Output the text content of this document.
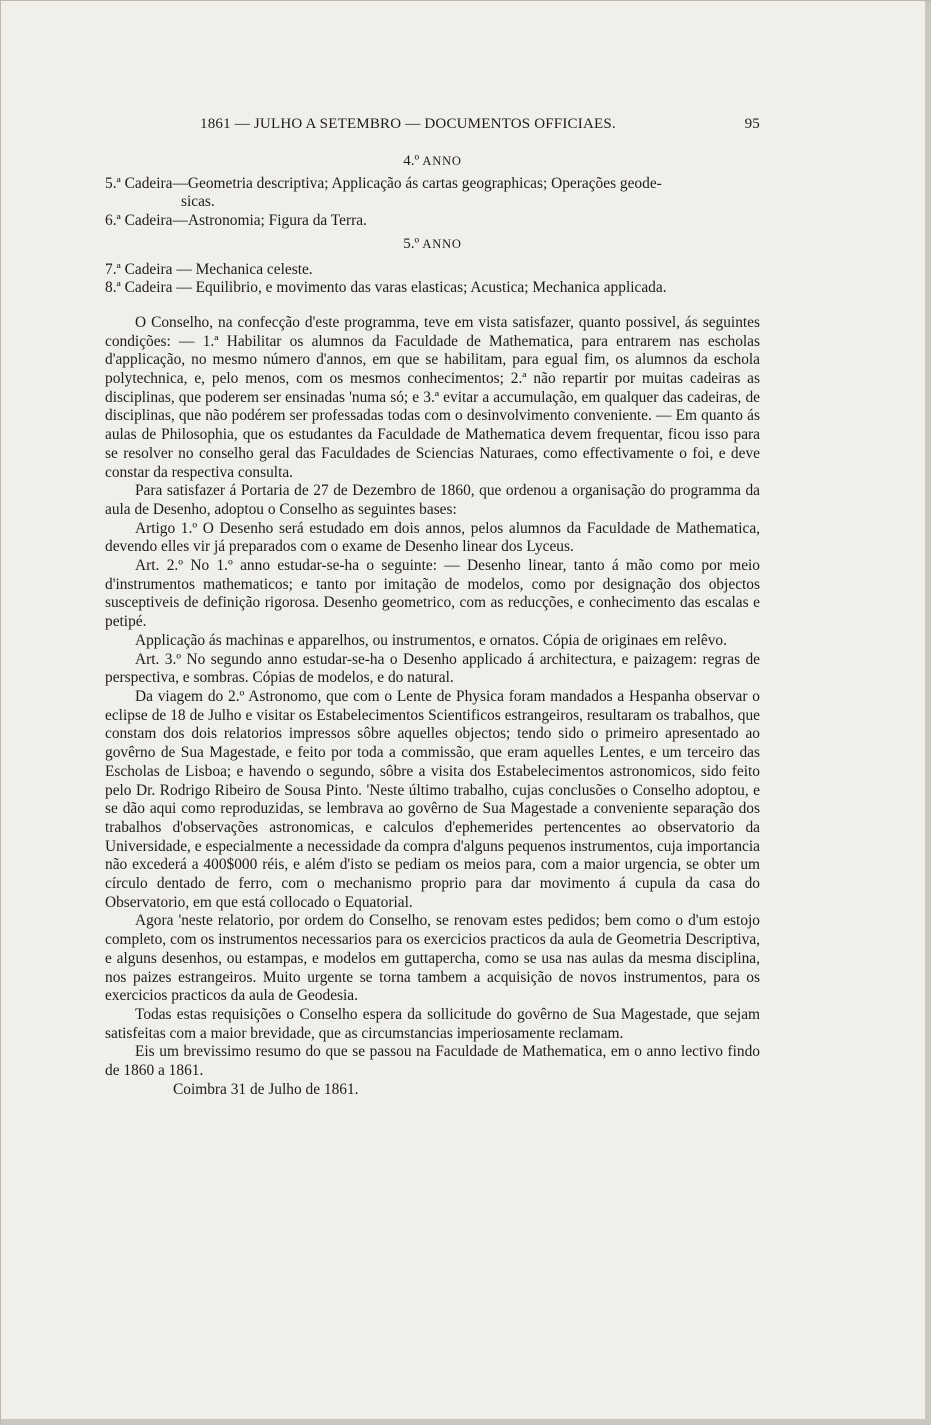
1861 — JULHO A SETEMBRO — DOCUMENTOS OFFICIAES.	95
4.º ANNO
5.ª Cadeira—Geometria descriptiva; Applicação ás cartas geographicas; Operações geode-
sicas.
6.ª Cadeira—Astronomia; Figura da Terra.
5.º ANNO
7.ª Cadeira — Mechanica celeste.
8.ª Cadeira — Equilibrio, e movimento das varas elasticas; Acustica; Mechanica applicada.

O Conselho, na confecção d'este programma, teve em vista satisfazer, quanto possivel, ás seguintes condições: — 1.ª Habilitar os alumnos da Faculdade de Mathematica, para entrarem nas escholas d'applicação, no mesmo número d'annos, em que se habilitam, para egual fim, os alumnos da eschola polytechnica, e, pelo menos, com os mesmos conhecimentos; 2.ª não repartir por muitas cadeiras as disciplinas, que poderem ser ensinadas 'numa só; e 3.ª evitar a accumulação, em qualquer das cadeiras, de disciplinas, que não podérem ser professadas todas com o desinvolvimento conveniente. — Em quanto ás aulas de Philosophia, que os estudantes da Faculdade de Mathematica devem frequentar, ficou isso para se resolver no conselho geral das Faculdades de Sciencias Naturaes, como effectivamente o foi, e deve constar da respectiva consulta.

Para satisfazer á Portaria de 27 de Dezembro de 1860, que ordenou a organisação do programma da aula de Desenho, adoptou o Conselho as seguintes bases:

Artigo 1.º O Desenho será estudado em dois annos, pelos alumnos da Faculdade de Mathematica, devendo elles vir já preparados com o exame de Desenho linear dos Lyceus.

Art. 2.º No 1.º anno estudar-se-ha o seguinte: — Desenho linear, tanto á mão como por meio d'instrumentos mathematicos; e tanto por imitação de modelos, como por designação dos objectos susceptiveis de definição rigorosa. Desenho geometrico, com as reducções, e conhecimento das escalas e petipé.

Applicação ás machinas e apparelhos, ou instrumentos, e ornatos. Cópia de originaes em relêvo.

Art. 3.º No segundo anno estudar-se-ha o Desenho applicado á architectura, e paizagem: regras de perspectiva, e sombras. Cópias de modelos, e do natural.

Da viagem do 2.º Astronomo, que com o Lente de Physica foram mandados a Hespanha observar o eclipse de 18 de Julho e visitar os Estabelecimentos Scientificos estrangeiros, resultaram os trabalhos, que constam dos dois relatorios impressos sôbre aquelles objectos; tendo sido o primeiro apresentado ao govêrno de Sua Magestade, e feito por toda a commissão, que eram aquelles Lentes, e um terceiro das Escholas de Lisboa; e havendo o segundo, sôbre a visita dos Estabelecimentos astronomicos, sido feito pelo Dr. Rodrigo Ribeiro de Sousa Pinto. 'Neste último trabalho, cujas conclusões o Conselho adoptou, e se dão aqui como reproduzidas, se lembrava ao govêrno de Sua Magestade a conveniente separação dos trabalhos d'observações astronomicas, e calculos d'ephemerides pertencentes ao observatorio da Universidade, e especialmente a necessidade da compra d'alguns pequenos instrumentos, cuja importancia não excederá a 400$000 réis, e além d'isto se pediam os meios para, com a maior urgencia, se obter um círculo dentado de ferro, com o mechanismo proprio para dar movimento á cupula da casa do Observatorio, em que está collocado o Equatorial.

Agora 'neste relatorio, por ordem do Conselho, se renovam estes pedidos; bem como o d'um estojo completo, com os instrumentos necessarios para os exercicios practicos da aula de Geometria Descriptiva, e alguns desenhos, ou estampas, e modelos em guttapercha, como se usa nas aulas da mesma disciplina, nos paizes estrangeiros. Muito urgente se torna tambem a acquisição de novos instrumentos, para os exercicios practicos da aula de Geodesia.

Todas estas requisições o Conselho espera da sollicitude do govêrno de Sua Magestade, que sejam satisfeitas com a maior brevidade, que as circumstancias imperiosamente reclamam.

Eis um brevissimo resumo do que se passou na Faculdade de Mathematica, em o anno lectivo findo de 1860 a 1861.

Coimbra 31 de Julho de 1861.
